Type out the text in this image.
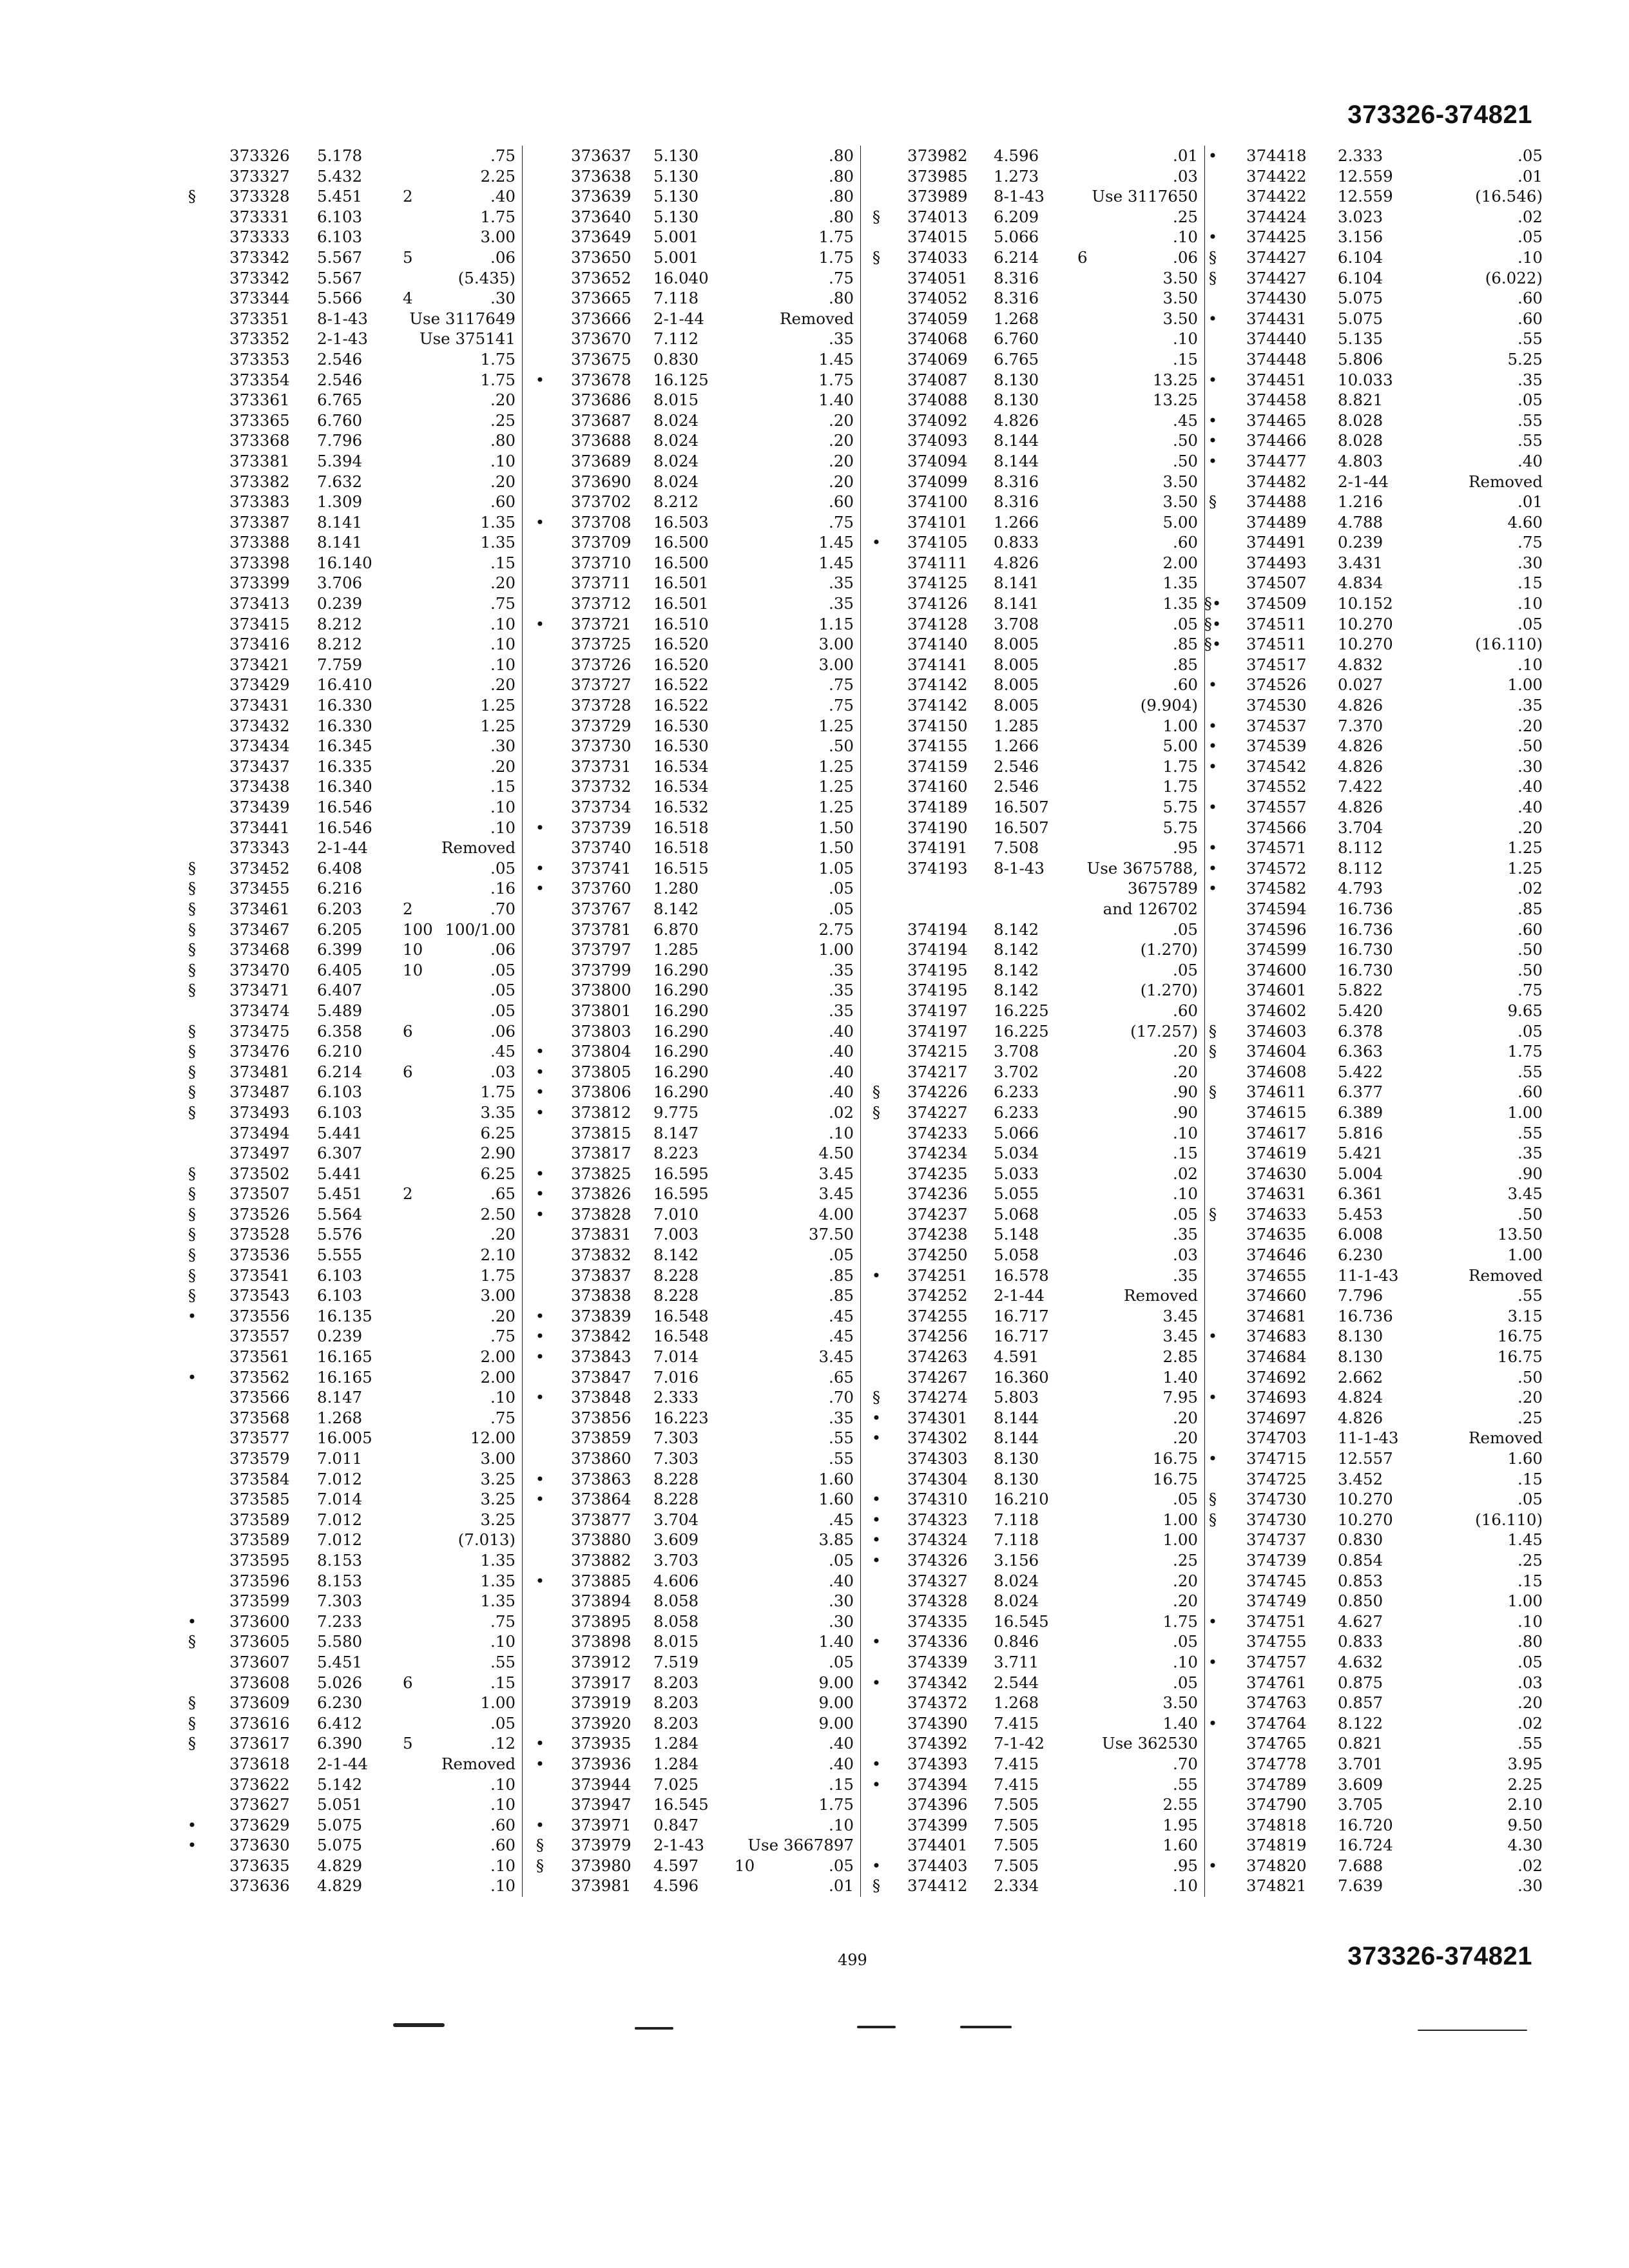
373326-374821
373326 5.178	.75
373327 5.432	2.25
§	373328 5.451	2	.40
373331 6.103	1.75
373333 6.103	3.00
373342 5.567	5	.06
373342 5.567	(5.435)
373344 5.566	4	.30
373351 8-1-43	Use 3117649
373352 2-1-43	Use 375141
373353 2.546	1.75
373354 2.546	1.75
373361 6.765	.20
373365 6.760	.25
373368 7.796	.80
373381 5.394	.10
373382 7.632	.20
373383 1.309	.60
373387 8.141	1.35
373388 8.141	1.35
373398 16.140	.15
373399 3.706	.20
373413 0.239	.75
373415 8.212	.10
373416 8.212	.10
373421 7.759	.10
373429 16.410	.20
373431 16.330	1.25
373432 16.330	1.25
373434 16.345	.30
373437 16.335	.20
373438 16.340	.15
373439 16.546	.10
373441 16.546	.10
373343 2-1-44	Removed
§	373452 6.408	.05
§	373455 6.216	.16
§	373461 6.203	2	.70
§	373467 6.205	100 100/1.00
§	373468 6.399	10	.06
§	373470 6.405	10	.05
§	373471 6.407	.05
373474 5.489	.05
§	373475 6.358	6	.06
§	373476 6.210	.45
§	373481 6.214	6	.03
§	373487 6.103	1.75
§	373493 6.103	3.35
373494 5.441	6.25
373497 6.307	2.90
§	373502 5.441	6.25
§	373507 5.451	2	.65
§	373526 5.564	2.50
§	373528 5.576	.20
§	373536 5.555	2.10
§	373541 6.103	1.75
§	373543 6.103	3.00
•	373556 16.135	.20
373557 0.239	.75
373561 16.165	2.00
•	373562 16.165	2.00
373566 8.147	.10
373568 1.268	.75
373577 16.005	12.00
373579 7.011	3.00
373584 7.012	3.25
373585 7.014	3.25
373589 7.012	3.25
373589 7.012	(7.013)
373595 8.153	1.35
373596 8.153	1.35
373599 7.303	1.35
•	373600 7.233	.75
§	373605 5.580	.10
373607 5.451	.55
373608 5.026	6	.15
§	373609 6.230	1.00
§	373616 6.412	.05
§	373617 6.390	5	.12
373618 2-1-44	Removed
373622 5.142	.10
373627 5.051	.10
•	373629 5.075	.60
•	373630 5.075	.60
373635 4.829	.10
373636 4.829	.10
373637 5.130	.80
373638 5.130	.80
373639 5.130	.80
373640 5.130	.80
373649 5.001	1.75
373650 5.001	1.75
373652 16.040	.75
373665 7.118	.80
373666 2-1-44	Removed
373670 7.112	.35
373675 0.830	1.45
•	373678 16.125	1.75
373686 8.015	1.40
373687 8.024	.20
373688 8.024	.20
373689 8.024	.20
373690 8.024	.20
373702 8.212	.60
•	373708 16.503	.75
373709 16.500	1.45
373710 16.500	1.45
373711 16.501	.35
373712 16.501	.35
•	373721 16.510	1.15
373725 16.520	3.00
373726 16.520	3.00
373727 16.522	.75
373728 16.522	.75
373729 16.530	1.25
373730 16.530	.50
373731 16.534	1.25
373732 16.534	1.25
373734 16.532	1.25
•	373739 16.518	1.50
373740 16.518	1.50
•	373741 16.515	1.05
•	373760 1.280	.05
373767 8.142	.05
373781 6.870	2.75
373797 1.285	1.00
373799 16.290	.35
373800 16.290	.35
373801 16.290	.35
373803 16.290	.40
•	373804 16.290	.40
•	373805 16.290	.40
•	373806 16.290	.40
•	373812 9.775	.02
373815 8.147	.10
373817 8.223	4.50
•	373825 16.595	3.45
•	373826 16.595	3.45
•	373828 7.010	4.00
373831 7.003	37.50
373832 8.142	.05
373837 8.228	.85
373838 8.228	.85
•	373839 16.548	.45
•	373842 16.548	.45
•	373843 7.014	3.45
373847 7.016	.65
•	373848 2.333	.70
373856 16.223	.35
373859 7.303	.55
373860 7.303	.55
•	373863 8.228	1.60
•	373864 8.228	1.60
373877 3.704	.45
373880 3.609	3.85
373882 3.703	.05
•	373885 4.606	.40
373894 8.058	.30
373895 8.058	.30
373898 8.015	1.40
373912 7.519	.05
373917 8.203	9.00
373919 8.203	9.00
373920 8.203	9.00
•	373935 1.284	.40
•	373936 1.284	.40
373944 7.025	.15
373947 16.545	1.75
•	373971 0.847	.10
§	373979 2-1-43	Use 3667897
§	373980 4.597 10	.05
373981 4.596	.01
373982 4.596	.01
373985 1.273	.03
373989 8-1-43	Use 3117650
§	374013 6.209	.25
374015 5.066	.10
§	374033 6.214 6	.06
374051 8.316	3.50
374052 8.316	3.50
374059 1.268	3.50
374068 6.760	.10
374069 6.765	.15
374087 8.130	13.25
374088 8.130	13.25
374092 4.826	.45
374093 8.144	.50
374094 8.144	.50
374099 8.316	3.50
374100 8.316	3.50
374101 1.266	5.00
•	374105 0.833	.60
374111 4.826	2.00
374125 8.141	1.35
374126 8.141	1.35
374128 3.708	.05
374140 8.005	.85
374141 8.005	.85
374142 8.005	.60
374142 8.005	(9.904)
374150 1.285	1.00
374155 1.266	5.00
374159 2.546	1.75
374160 2.546	1.75
374189 16.507	5.75
374190 16.507	5.75
374191 7.508	.95
374193 8-1-43	Use 3675788,
3675789
and 126702
374194 8.142	.05
374194 8.142	(1.270)
374195 8.142	.05
374195 8.142	(1.270)
374197 16.225	.60
374197 16.225	(17.257)
374215 3.708	.20
374217 3.702	.20
§	374226 6.233	.90
§	374227 6.233	.90
374233 5.066	.10
374234 5.034	.15
374235 5.033	.02
374236 5.055	.10
374237 5.068	.05
374238 5.148	.35
374250 5.058	.03
•	374251 16.578	.35
374252 2-1-44	Removed
374255 16.717	3.45
374256 16.717	3.45
374263 4.591	2.85
374267 16.360	1.40
§	374274 5.803	7.95
•	374301 8.144	.20
•	374302 8.144	.20
374303 8.130	16.75
374304 8.130	16.75
•	374310 16.210	.05
•	374323 7.118	1.00
•	374324 7.118	1.00
•	374326 3.156	.25
374327 8.024	.20
374328 8.024	.20
374335 16.545	1.75
•	374336 0.846	.05
374339 3.711	.10
•	374342 2.544	.05
374372 1.268	3.50
374390 7.415	1.40
374392 7-1-42	Use 362530
•	374393 7.415	.70
•	374394 7.415	.55
374396 7.505	2.55
374399 7.505	1.95
374401 7.505	1.60
•	374403 7.505	.95
§	374412 2.334	.10
•	374418 2.333	.05
374422 12.559	.01
374422 12.559	(16.546)
374424 3.023	.02
•	374425 3.156	.05
§	374427 6.104	.10
§	374427 6.104	(6.022)
374430 5.075	.60
•	374431 5.075	.60
374440 5.135	.55
374448 5.806	5.25
•	374451 10.033	.35
374458 8.821	.05
•	374465 8.028	.55
•	374466 8.028	.55
•	374477 4.803	.40
374482 2-1-44	Removed
§	374488 1.216	.01
374489 4.788	4.60
374491 0.239	.75
374493 3.431	.30
374507 4.834	.15
§• 374509 10.152	.10
§• 374511 10.270	.05
§• 374511 10.270	(16.110)
374517 4.832	.10
•	374526 0.027	1.00
374530 4.826	.35
•	374537 7.370	.20
•	374539 4.826	.50
•	374542 4.826	.30
374552 7.422	.40
•	374557 4.826	.40
374566 3.704	.20
•	374571 8.112	1.25
•	374572 8.112	1.25
•	374582 4.793	.02
374594 16.736	.85
374596 16.736	.60
374599 16.730	.50
374600 16.730	.50
374601 5.822	.75
374602 5.420	9.65
§	374603 6.378	.05
§	374604 6.363	1.75
374608 5.422	.55
§	374611 6.377	.60
374615 6.389	1.00
374617 5.816	.55
374619 5.421	.35
374630 5.004	.90
374631 6.361	3.45
§	374633 5.453	.50
374635 6.008	13.50
374646 6.230	1.00
374655 11-1-43	Removed
374660 7.796	.55
374681 16.736	3.15
•	374683 8.130	16.75
374684 8.130	16.75
374692 2.662	.50
•	374693 4.824	.20
374697 4.826	.25
374703 11-1-43	Removed
•	374715 12.557	1.60
374725 3.452	.15
§	374730 10.270	.05
§	374730 10.270	(16.110)
374737 0.830	1.45
374739 0.854	.25
374745 0.853	.15
374749 0.850	1.00
•	374751 4.627	.10
374755 0.833	.80
•	374757 4.632	.05
374761 0.875	.03
374763 0.857	.20
•	374764 8.122	.02
374765 0.821	.55
374778 3.701	3.95
374789 3.609	2.25
374790 3.705	2.10
374818 16.720	9.50
374819 16.724	4.30
•	374820 7.688	.02
374821 7.639	.30
499	373326-374821
